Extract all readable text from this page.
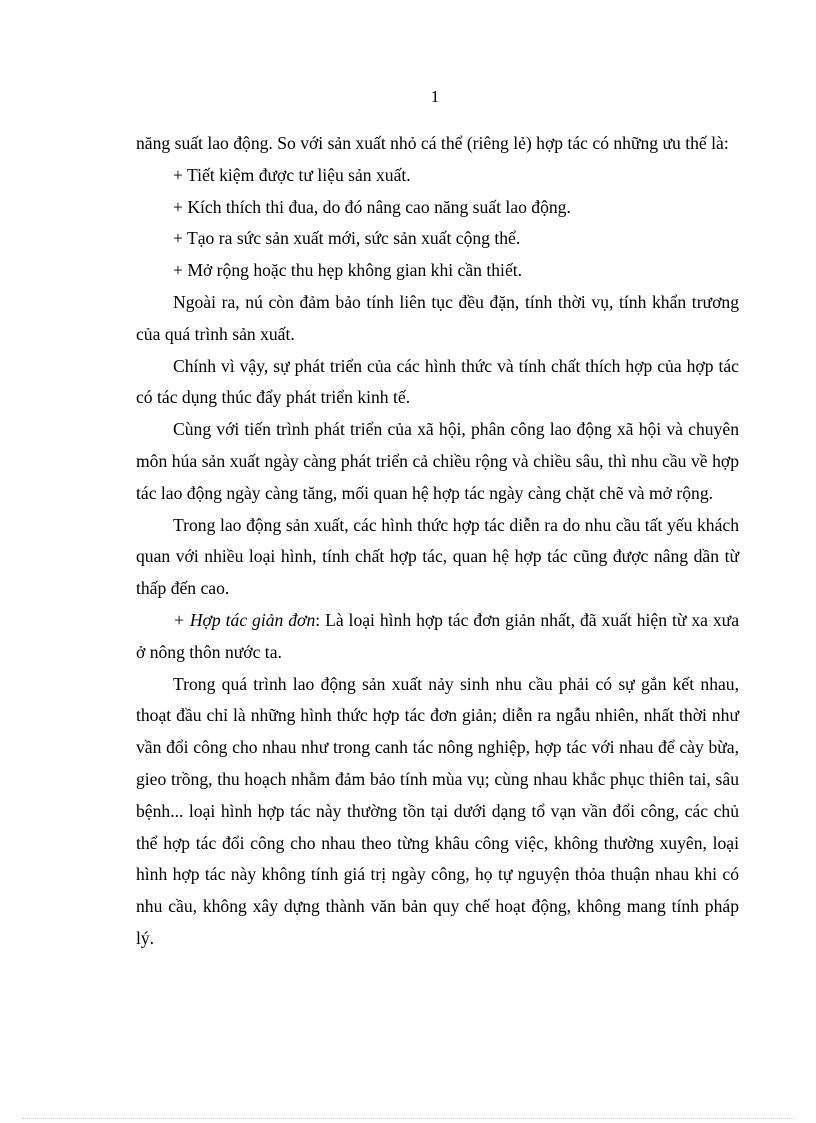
1

năng suất lao động. So với sản xuất nhỏ cá thể (riêng lẻ) hợp tác có những ưu thế là:

+ Tiết kiệm được tư liệu sản xuất.

+ Kích thích thi đua, do đó nâng cao năng suất lao động.

+ Tạo ra sức sản xuất mới, sức sản xuất cộng thể.

+ Mở rộng hoặc thu hẹp không gian khi cần thiết.

Ngoài ra, nú còn đảm bảo tính liên tục đều đặn, tính thời vụ, tính khẩn trương của quá trình sản xuất.

Chính vì vậy, sự phát triển của các hình thức và tính chất thích hợp của hợp tác có tác dụng thúc đẩy phát triển kinh tế.

Cùng với tiến trình phát triển của xã hội, phân công lao động xã hội và chuyên môn húa sản xuất ngày càng phát triển cả chiều rộng và chiều sâu, thì nhu cầu về hợp tác lao động ngày càng tăng, mối quan hệ hợp tác ngày càng chặt chẽ và mở rộng.

Trong lao động sản xuất, các hình thức hợp tác diễn ra do nhu cầu tất yếu khách quan với nhiều loại hình, tính chất hợp tác, quan hệ hợp tác cũng được nâng dần từ thấp đến cao.

+ Hợp tác giản đơn: Là loại hình hợp tác đơn giản nhất, đã xuất hiện từ xa xưa ở nông thôn nước ta.

Trong quá trình lao động sản xuất nảy sinh nhu cầu phải có sự gắn kết nhau, thoạt đầu chỉ là những hình thức hợp tác đơn giản; diễn ra ngẫu nhiên, nhất thời như vần đổi công cho nhau như trong canh tác nông nghiệp, hợp tác với nhau để cày bừa, gieo trồng, thu hoạch nhằm đảm bảo tính mùa vụ; cùng nhau khắc phục thiên tai, sâu bệnh... loại hình hợp tác này thường tồn tại dưới dạng tổ vạn vần đổi công, các chủ thể hợp tác đổi công cho nhau theo từng khâu công việc, không thường xuyên, loại hình hợp tác này không tính giá trị ngày công, họ tự nguyện thỏa thuận nhau khi có nhu cầu, không xây dựng thành văn bản quy chế hoạt động, không mang tính pháp lý.
